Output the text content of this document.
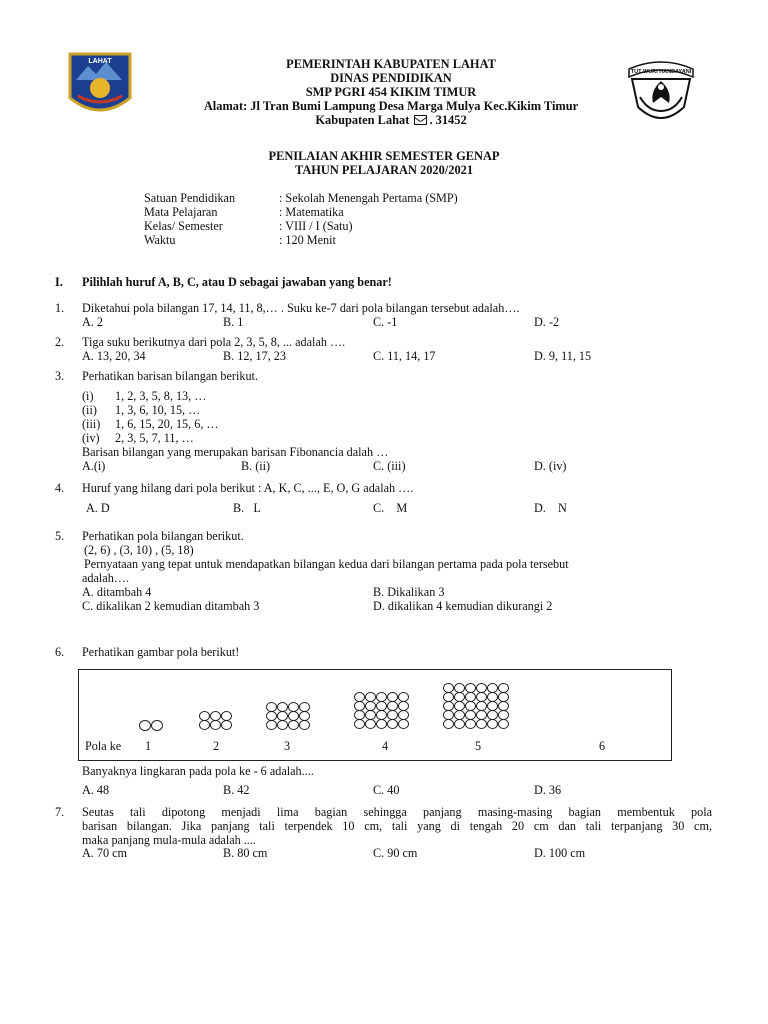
LAHAT
TUT WURI HANDAYANI
PEMERINTAH KABUPATEN LAHAT
DINAS PENDIDIKAN
SMP PGRI 454 KIKIM TIMUR
Alamat: Jl Tran Bumi Lampung Desa Marga Mulya Kec.Kikim Timur
Kabupaten Lahat . 31452
PENILAIAN AKHIR SEMESTER GENAP
TAHUN PELAJARAN 2020/2021
Satuan Pendidikan	: Sekolah Menengah Pertama (SMP)
Mata Pelajaran	: Matematika
Kelas/ Semester	: VIII / I (Satu)
Waktu	: 120 Menit
I. Pilihlah huruf A, B, C, atau D sebagai jawaban yang benar!
1. Diketahui pola bilangan 17, 14, 11, 8,… . Suku ke-7 dari pola bilangan tersebut adalah….
A. 2	B. 1	C. -1	D. -2
2. Tiga suku berikutnya dari pola 2, 3, 5, 8, ... adalah ….
A. 13, 20, 34	B. 12, 17, 23	C. 11, 14, 17	D. 9, 11, 15
3. Perhatikan barisan bilangan berikut.
(i) 1, 2, 3, 5, 8, 13, …
(ii) 1, 3, 6, 10, 15, …
(iii) 1, 6, 15, 20, 15, 6, …
(iv) 2, 3, 5, 7, 11, …
Barisan bilangan yang merupakan barisan Fibonancia dalah …
A.(i)	B. (ii)	C. (iii)	D. (iv)
4. Huruf yang hilang dari pola berikut : A, K, C, ..., E, O, G adalah ….
A. D	B.   L	C.    M	D.    N
5. Perhatikan pola bilangan berikut.
(2, 6) , (3, 10) , (5, 18)
Pernyataan yang tepat untuk mendapatkan bilangan kedua dari bilangan pertama pada pola tersebut
adalah….
A. ditambah 4	B. Dikalikan 3
C. dikalikan 2 kemudian ditambah 3	D. dikalikan 4 kemudian dikurangi 2
6. Perhatikan gambar pola berikut!
Pola ke 1	2	3	4	5	6
Banyaknya lingkaran pada pola ke - 6 adalah....
A. 48	B. 42	C. 40	D. 36
7. Seutas tali dipotong menjadi lima bagian sehingga panjang masing-masing bagian membentuk pola
barisan bilangan. Jika panjang tali terpendek 10 cm, tali yang di tengah 20 cm dan tali terpanjang 30 cm,
maka panjang mula-mula adalah ....
A. 70 cm	B. 80 cm	C. 90 cm	D. 100 cm
